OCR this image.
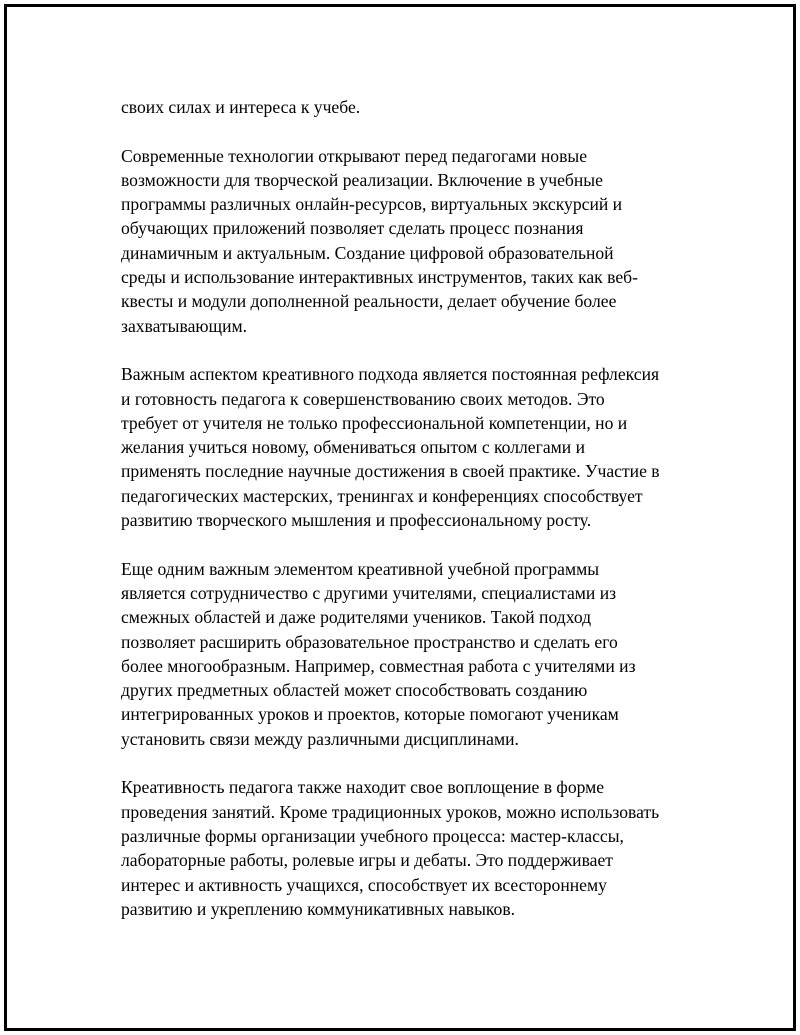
своих силах и интереса к учебе.

Современные технологии открывают перед педагогами новые
возможности для творческой реализации. Включение в учебные
программы различных онлайн-ресурсов, виртуальных экскурсий и
обучающих приложений позволяет сделать процесс познания
динамичным и актуальным. Создание цифровой образовательной
среды и использование интерактивных инструментов, таких как веб-
квесты и модули дополненной реальности, делает обучение более
захватывающим.

Важным аспектом креативного подхода является постоянная рефлексия
и готовность педагога к совершенствованию своих методов. Это
требует от учителя не только профессиональной компетенции, но и
желания учиться новому, обмениваться опытом с коллегами и
применять последние научные достижения в своей практике. Участие в
педагогических мастерских, тренингах и конференциях способствует
развитию творческого мышления и профессиональному росту.

Еще одним важным элементом креативной учебной программы
является сотрудничество с другими учителями, специалистами из
смежных областей и даже родителями учеников. Такой подход
позволяет расширить образовательное пространство и сделать его
более многообразным. Например, совместная работа с учителями из
других предметных областей может способствовать созданию
интегрированных уроков и проектов, которые помогают ученикам
установить связи между различными дисциплинами.

Креативность педагога также находит свое воплощение в форме
проведения занятий. Кроме традиционных уроков, можно использовать
различные формы организации учебного процесса: мастер-классы,
лабораторные работы, ролевые игры и дебаты. Это поддерживает
интерес и активность учащихся, способствует их всестороннему
развитию и укреплению коммуникативных навыков.
